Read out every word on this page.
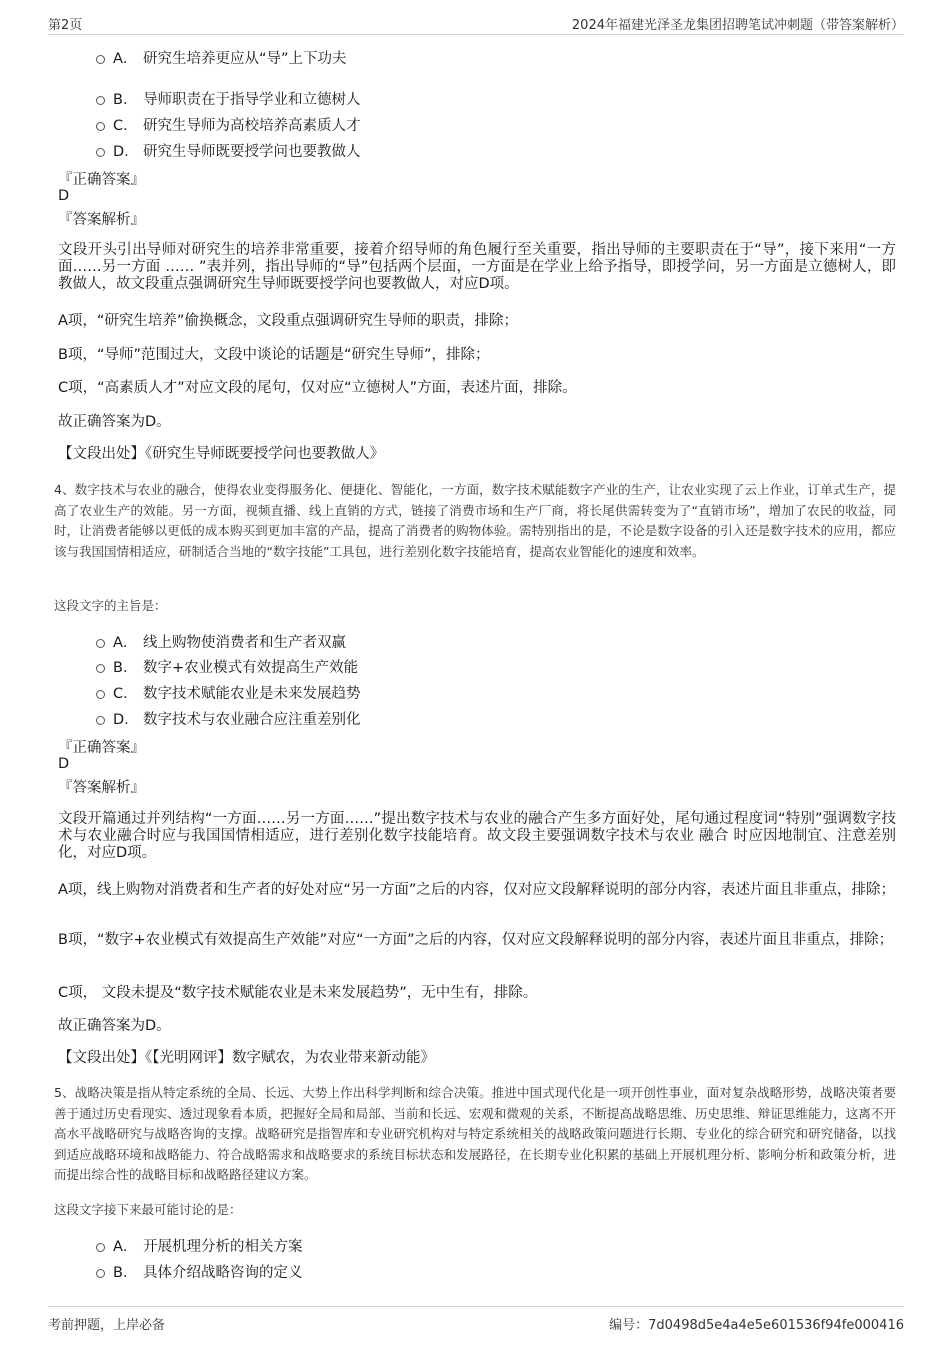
第2页	2024年福建光泽圣龙集团招聘笔试冲刺题（带答案解析）
A． 研究生培养更应从“导”上下功夫
B． 导师职责在于指导学业和立德树人
C． 研究生导师为高校培养高素质人才
D． 研究生导师既要授学问也要教做人
『正确答案』
D
『答案解析』
文段开头引出导师对研究生的培养非常重要，接着介绍导师的角色履行至关重要，指出导师的主要职责在于“导”，接下来用“一方面……另一方面 …… ”表并列，指出导师的“导”包括两个层面，一方面是在学业上给予指导，即授学问，另一方面是立德树人，即教做人，故文段重点强调研究生导师既要授学问也要教做人，对应D项。
A项，“研究生培养”偷换概念，文段重点强调研究生导师的职责，排除；
B项，“导师”范围过大，文段中谈论的话题是“研究生导师”，排除；
C项，“高素质人才”对应文段的尾句，仅对应“立德树人”方面，表述片面，排除。
故正确答案为D。
【文段出处】《研究生导师既要授学问也要教做人》
4、数字技术与农业的融合，使得农业变得服务化、便捷化、智能化，一方面，数字技术赋能数字产业的生产，让农业实现了云上作业，订单式生产，提高了农业生产的效能。另一方面，视频直播、线上直销的方式，链接了消费市场和生产厂商，将长尾供需转变为了“直销市场”，增加了农民的收益，同时，让消费者能够以更低的成本购买到更加丰富的产品，提高了消费者的购物体验。需特别指出的是，不论是数字设备的引入还是数字技术的应用，都应该与我国国情相适应，研制适合当地的“数字技能”工具包，进行差别化数字技能培育，提高农业智能化的速度和效率。
这段文字的主旨是：
A． 线上购物使消费者和生产者双赢
B． 数字+农业模式有效提高生产效能
C． 数字技术赋能农业是未来发展趋势
D． 数字技术与农业融合应注重差别化
『正确答案』
D
『答案解析』
文段开篇通过并列结构“一方面……另一方面……”提出数字技术与农业的融合产生多方面好处，尾句通过程度词“特别”强调数字技术与农业融合时应与我国国情相适应，进行差别化数字技能培育。故文段主要强调数字技术与农业 融合 时应因地制宜、注意差别化，对应D项。
A项，线上购物对消费者和生产者的好处对应“另一方面”之后的内容，仅对应文段解释说明的部分内容，表述片面且非重点，排除；
B项，“数字+农业模式有效提高生产效能”对应“一方面”之后的内容，仅对应文段解释说明的部分内容，表述片面且非重点，排除；
C项， 文段未提及“数字技术赋能农业是未来发展趋势”，无中生有，排除。
故正确答案为D。
【文段出处】《【光明网评】数字赋农，为农业带来新动能》
5、战略决策是指从特定系统的全局、长远、大势上作出科学判断和综合决策。推进中国式现代化是一项开创性事业，面对复杂战略形势，战略决策者要善于通过历史看现实、透过现象看本质，把握好全局和局部、当前和长远、宏观和微观的关系，不断提高战略思维、历史思维、辩证思维能力，这离不开高水平战略研究与战略咨询的支撑。战略研究是指智库和专业研究机构对与特定系统相关的战略政策问题进行长期、专业化的综合研究和研究储备，以找到适应战略环境和战略能力、符合战略需求和战略要求的系统目标状态和发展路径，在长期专业化积累的基础上开展机理分析、影响分析和政策分析，进而提出综合性的战略目标和战略路径建议方案。
这段文字接下来最可能讨论的是：
A． 开展机理分析的相关方案
B． 具体介绍战略咨询的定义
考前押题，上岸必备	编号：7d0498d5e4a4e5e601536f94fe000416
